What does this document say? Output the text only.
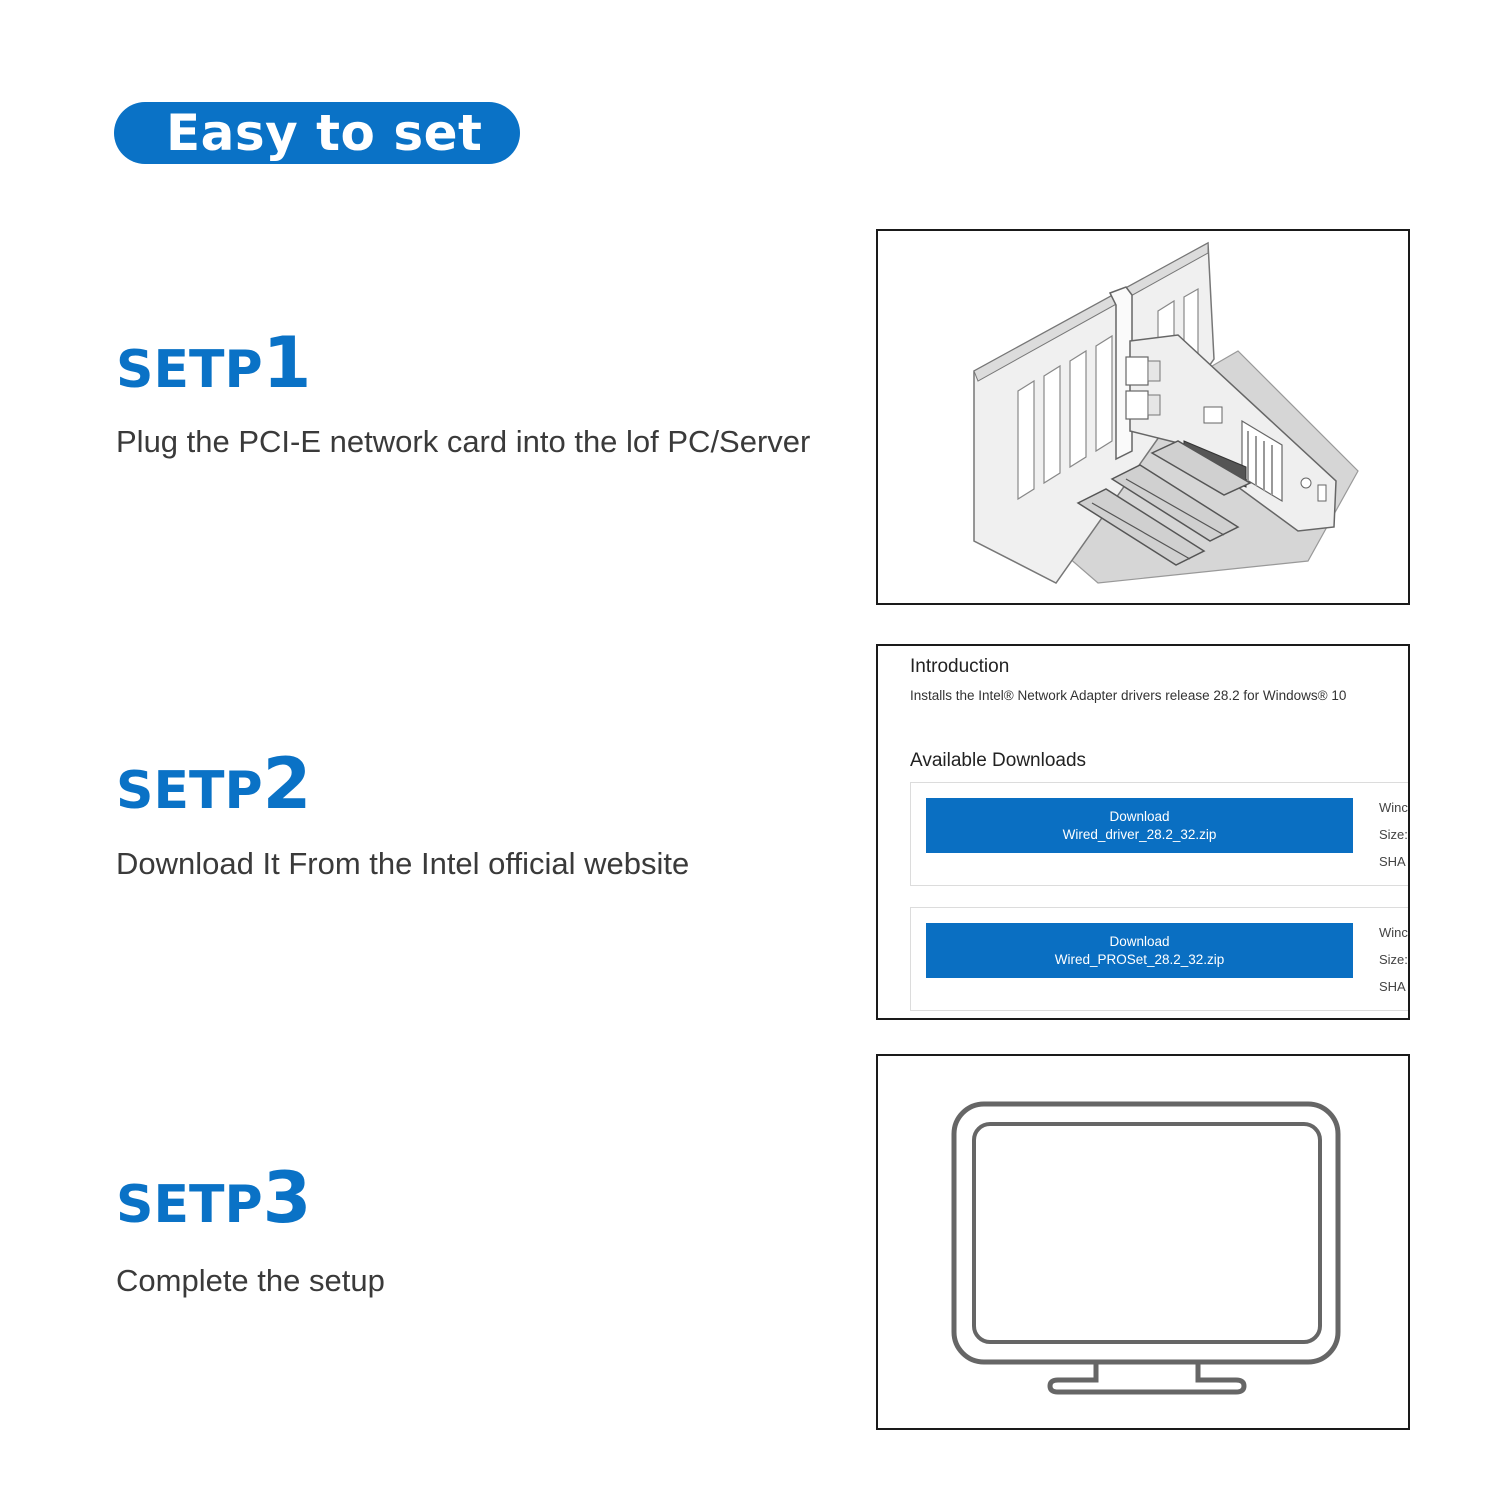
Easy to set
SETP1
Plug the PCI-E network card into the lof PC/Server
SETP2
Download It From the Intel official website
SETP3
Complete the setup
Introduction
Installs the Intel® Network Adapter drivers release 28.2 for Windows® 10
Available Downloads
Download
Wired_driver_28.2_32.zip
Winc
Size:
SHA
Download
Wired_PROSet_28.2_32.zip
Winc
Size:
SHA
